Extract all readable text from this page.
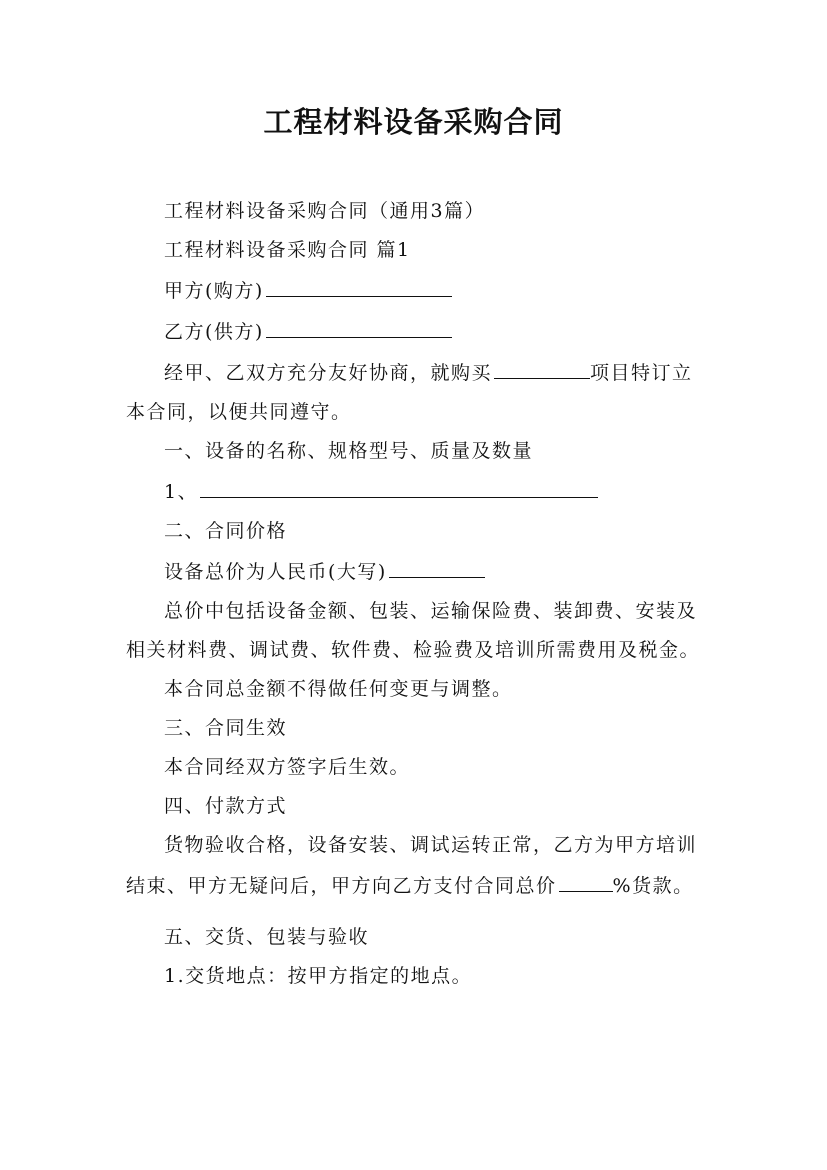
工程材料设备采购合同

工程材料设备采购合同（通用3篇）

工程材料设备采购合同 篇1

甲方(购方)

乙方(供方)

经甲、乙双方充分友好协商，就购买	项目特订立本合同，以便共同遵守。

一、设备的名称、规格型号、质量及数量

1、

二、合同价格

设备总价为人民币(大写)

总价中包括设备金额、包装、运输保险费、装卸费、安装及相关材料费、调试费、软件费、检验费及培训所需费用及税金。

本合同总金额不得做任何变更与调整。

三、合同生效

本合同经双方签字后生效。

四、付款方式

货物验收合格，设备安装、调试运转正常，乙方为甲方培训结束、甲方无疑问后，甲方向乙方支付合同总价	%货款。

五、交货、包装与验收

1.交货地点：按甲方指定的地点。
